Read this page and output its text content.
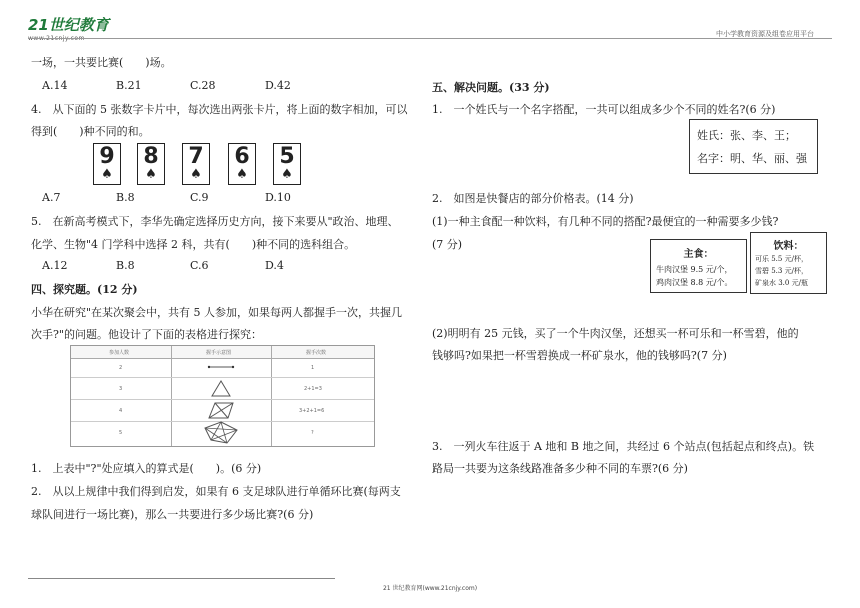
21世纪教育
www.21cnjy.com
中小学教育资源及组卷应用平台
一场，一共要比赛(　　)场。
A.14	B.21	C.28	D.42
4.　从下面的 5 张数字卡片中，每次选出两张卡片，将上面的数字相加，可以
得到(　　)种不同的和。
9
♠
8
♠
7
♠
6
♠
5
♠
A.7	B.8	C.9	D.10
5.　在新高考模式下，李华先确定选择历史方向，接下来要从"政治、地理、
化学、生物"4 门学科中选择 2 科，共有(　　)种不同的选科组合。
A.12	B.8	C.6	D.4
四、探究题。(12 分)
小华在研究"在某次聚会中，共有 5 人参加，如果每两人都握手一次，共握几
次手?"的问题。他设计了下面的表格进行探究：
参加人数	握手示意图	握手次数
2	1
3	2+1=3
4	3+2+1=6
5	?
1.　上表中"?"处应填入的算式是(　　)。(6 分)
2.　从以上规律中我们得到启发，如果有 6 支足球队进行单循环比赛(每两支
球队间进行一场比赛)，那么一共要进行多少场比赛?(6 分)
五、解决问题。(33 分)
1.　一个姓氏与一个名字搭配，一共可以组成多少个不同的姓名?(6 分)
姓氏：张、李、王；
名字：明、华、丽、强
2.　如图是快餐店的部分价格表。(14 分)
(1)一种主食配一种饮料，有几种不同的搭配?最便宜的一种需要多少钱?
(7 分)
主食：
牛肉汉堡 9.5 元/个，
鸡肉汉堡 8.8 元/个。
饮料：
可乐 5.5 元/杯，
雪碧 5.3 元/杯，
矿泉水 3.0 元/瓶
(2)明明有 25 元钱，买了一个牛肉汉堡，还想买一杯可乐和一杯雪碧，他的
钱够吗?如果把一杯雪碧换成一杯矿泉水，他的钱够吗?(7 分)
3.　一列火车往返于 A 地和 B 地之间，共经过 6 个站点(包括起点和终点)。铁
路局一共要为这条线路准备多少种不同的车票?(6 分)
21 世纪教育网(www.21cnjy.com)
